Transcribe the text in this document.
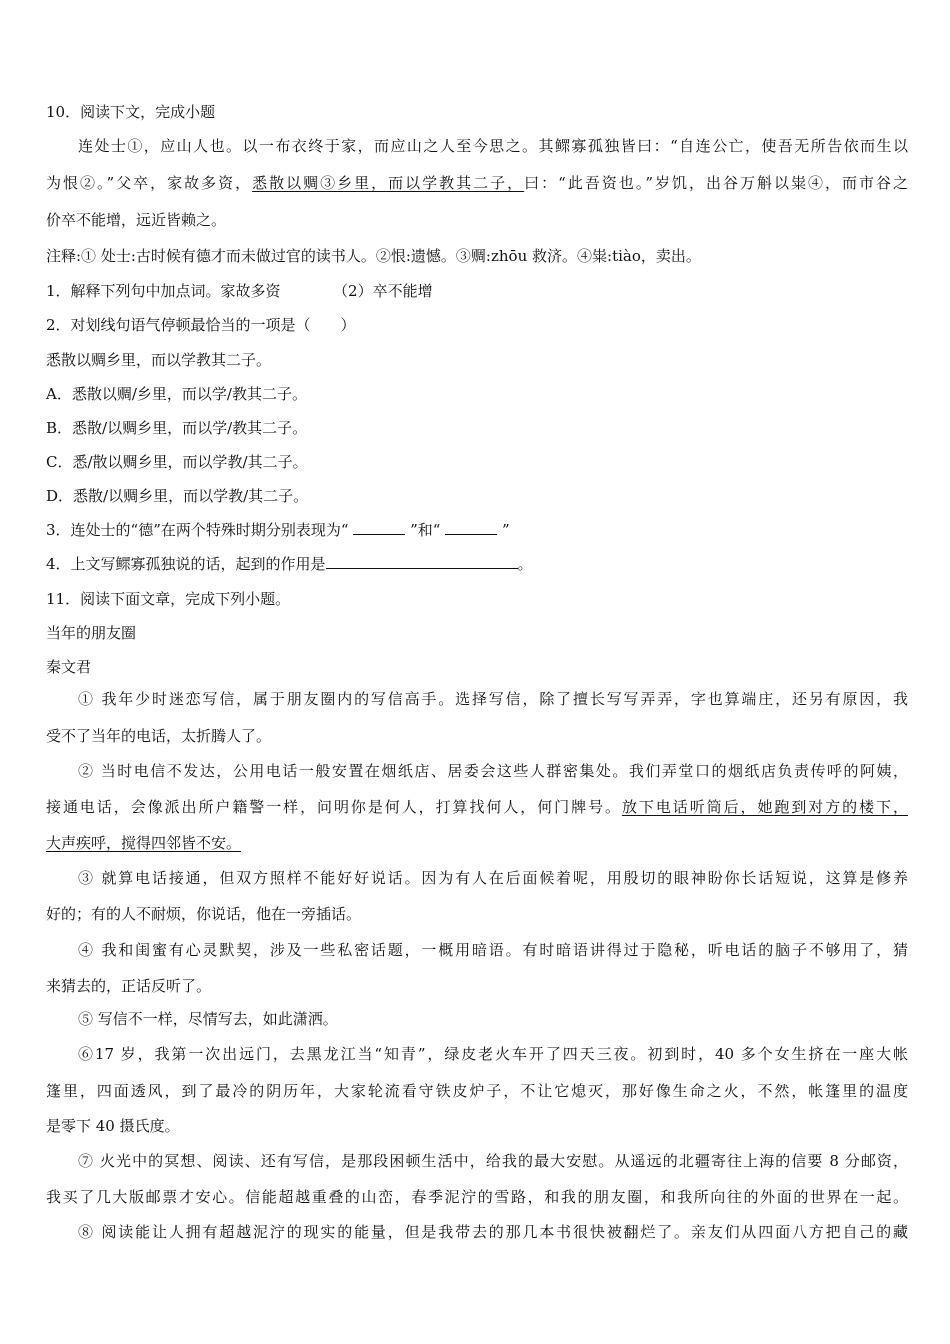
10．阅读下文，完成小题
连处士①，应山人也。以一布衣终于家，而应山之人至今思之。其鳏寡孤独皆曰：“自连公亡，使吾无所告依而生以
为恨②。”父卒，家故多资，悉散以赒③乡里，而以学教其二子，曰：“此吾资也。”岁饥，出谷万斛以粜④，而市谷之
价卒不能增，远近皆赖之。
注释:① 处士:古时候有德才而未做过官的读书人。②恨:遗憾。③赒:zhōu 救济。④粜:tiào，卖出。
1．解释下列句中加点词。家故多资　　　　（2）卒不能增
2．对划线句语气停顿最恰当的一项是（　　）
悉散以赒乡里，而以学教其二子。
A．悉散以赒/乡里，而以学/教其二子。
B．悉散/以赒乡里，而以学/教其二子。
C．悉/散以赒乡里，而以学教/其二子。
D．悉散/以赒乡里，而以学教/其二子。
3．连处士的“德”在两个特殊时期分别表现为“	”和“	”
4．上文写鳏寡孤独说的话，起到的作用是	。
11．阅读下面文章，完成下列小题。
当年的朋友圈
秦文君
① 我年少时迷恋写信，属于朋友圈内的写信高手。选择写信，除了擅长写写弄弄，字也算端庄，还另有原因，我
受不了当年的电话，太折腾人了。
② 当时电信不发达，公用电话一般安置在烟纸店、居委会这些人群密集处。我们弄堂口的烟纸店负责传呼的阿姨，
接通电话，会像派出所户籍警一样，问明你是何人，打算找何人，何门牌号。放下电话听筒后，她跑到对方的楼下，
大声疾呼，搅得四邻皆不安。
③ 就算电话接通，但双方照样不能好好说话。因为有人在后面候着呢，用殷切的眼神盼你长话短说，这算是修养
好的；有的人不耐烦，你说话，他在一旁插话。
④ 我和闺蜜有心灵默契，涉及一些私密话题，一概用暗语。有时暗语讲得过于隐秘，听电话的脑子不够用了，猜
来猜去的，正话反听了。
⑤ 写信不一样，尽情写去，如此潇洒。
⑥17 岁，我第一次出远门，去黑龙江当“知青”，绿皮老火车开了四天三夜。初到时，40 多个女生挤在一座大帐
篷里，四面透风，到了最冷的阴历年，大家轮流看守铁皮炉子，不让它熄灭，那好像生命之火，不然，帐篷里的温度
是零下 40 摄氏度。
⑦ 火光中的冥想、阅读、还有写信，是那段困顿生活中，给我的最大安慰。从遥远的北疆寄往上海的信要 8 分邮资，
我买了几大版邮票才安心。信能超越重叠的山峦，春季泥泞的雪路，和我的朋友圈，和我所向往的外面的世界在一起。
⑧ 阅读能让人拥有超越泥泞的现实的能量，但是我带去的那几本书很快被翻烂了。亲友们从四面八方把自己的藏
